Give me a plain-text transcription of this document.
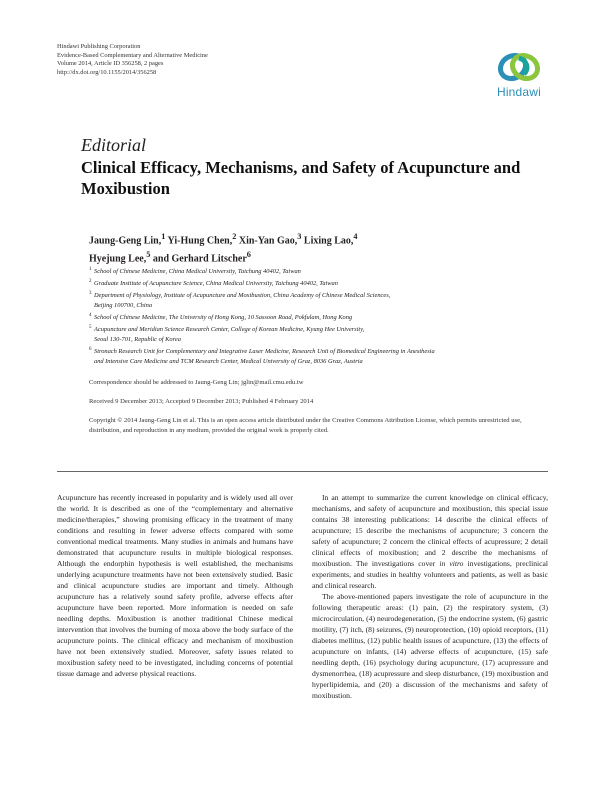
Hindawi Publishing Corporation
Evidence-Based Complementary and Alternative Medicine
Volume 2014, Article ID 356258, 2 pages
http://dx.doi.org/10.1155/2014/356258
Hindawi
Editorial
Clinical Efficacy, Mechanisms, and Safety of Acupuncture and Moxibustion
Jaung-Geng Lin,$^1$ Yi-Hung Chen,$^2$ Xin-Yan Gao,$^3$ Lixing Lao,$^4$
Hyejung Lee,$^5$ and Gerhard Litscher$^6$
1 School of Chinese Medicine, China Medical University, Taichung 40402, Taiwan
2 Graduate Institute of Acupuncture Science, China Medical University, Taichung 40402, Taiwan
3 Department of Physiology, Institute of Acupuncture and Moxibustion, China Academy of Chinese Medical Sciences,
Beijing 100700, China
4 School of Chinese Medicine, The University of Hong Kong, 10 Sassoon Road, Pokfulam, Hong Kong
5 Acupuncture and Meridian Science Research Center, College of Korean Medicine, Kyung Hee University,
Seoul 130-701, Republic of Korea
6 Stronach Research Unit for Complementary and Integrative Laser Medicine, Research Unit of Biomedical Engineering in Anesthesia
and Intensive Care Medicine and TCM Research Center, Medical University of Graz, 8036 Graz, Austria
Correspondence should be addressed to Jaung-Geng Lin; jglin@mail.cmu.edu.tw
Received 9 December 2013; Accepted 9 December 2013; Published 4 February 2014
Copyright © 2014 Jaung-Geng Lin et al. This is an open access article distributed under the Creative Commons Attribution License, which permits unrestricted use, distribution, and reproduction in any medium, provided the original work is properly cited.

Acupuncture has recently increased in popularity and is widely used all over the world. It is described as one of the “complementary and alternative medicine/therapies,” showing promising efficacy in the treatment of many conditions and resulting in fewer adverse effects compared with some conventional medical treatments. Many studies in animals and humans have demonstrated that acupuncture results in multiple biological responses. Although the endorphin hypothesis is well established, the mechanisms underlying acupuncture treatments have not been extensively studied. Basic and clinical acupuncture studies are important and timely. Although acupuncture has a relatively sound safety profile, adverse effects after acupuncture have been reported. More information is needed on safe needling depths. Moxibustion is another traditional Chinese medical intervention that involves the burning of moxa above the body surface of the acupuncture points. The clinical efficacy and mechanism of moxibustion have not been extensively studied. Moreover, safety issues related to moxibustion safety need to be investigated, including concerns of potential tissue damage and adverse physical reactions.

In an attempt to summarize the current knowledge on clinical efficacy, mechanisms, and safety of acupuncture and moxibustion, this special issue contains 38 interesting publications: 14 describe the clinical effects of acupuncture; 15 describe the mechanisms of acupuncture; 3 concern the safety of acupuncture; 2 concern the clinical effects of acupressure; 2 detail clinical effects of moxibustion; and 2 describe the mechanisms of moxibustion. The investigations cover in vitro investigations, preclinical experiments, and studies in healthy volunteers and patients, as well as basic and clinical research.

The above-mentioned papers investigate the role of acupuncture in the following therapeutic areas: (1) pain, (2) the respiratory system, (3) microcirculation, (4) neurodegeneration, (5) the endocrine system, (6) gastric motility, (7) itch, (8) seizures, (9) neuroprotection, (10) opioid receptors, (11) diabetes mellitus, (12) public health issues of acupuncture, (13) the effects of acupuncture on infants, (14) adverse effects of acupuncture, (15) safe needling depth, (16) psychology during acupuncture, (17) acupressure and dysmenorrhea, (18) acupressure and sleep disturbance, (19) moxibustion and hyperlipidemia, and (20) a discussion of the mechanisms and safety of moxibustion.
